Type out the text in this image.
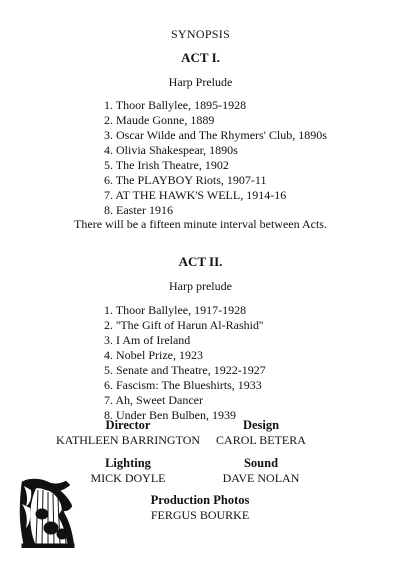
SYNOPSIS
ACT I.
Harp Prelude
1. Thoor Ballylee, 1895-1928
2. Maude Gonne, 1889
3. Oscar Wilde and The Rhymers' Club, 1890s
4. Olivia Shakespear, 1890s
5. The Irish Theatre, 1902
6. The PLAYBOY Riots, 1907-11
7. AT THE HAWK'S WELL, 1914-16
8. Easter 1916
There will be a fifteen minute interval between Acts.
ACT II.
Harp prelude
1. Thoor Ballylee, 1917-1928
2. ''The Gift of Harun Al-Rashid''
3. I Am of Ireland
4. Nobel Prize, 1923
5. Senate and Theatre, 1922-1927
6. Fascism: The Blueshirts, 1933
7. Ah, Sweet Dancer
8. Under Ben Bulben, 1939
Director
KATHLEEN BARRINGTON
Design
CAROL BETERA
Lighting
MICK DOYLE
Sound
DAVE NOLAN
Production Photos
FERGUS BOURKE
